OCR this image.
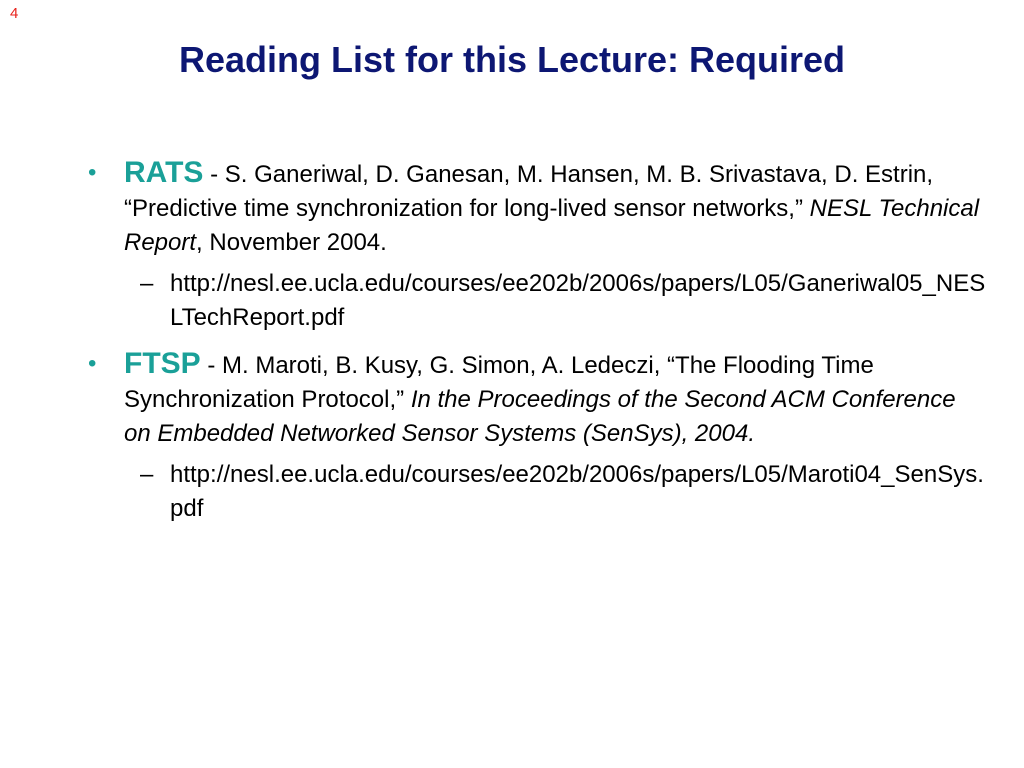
4
Reading List for this Lecture: Required
• RATS - S. Ganeriwal, D. Ganesan, M. Hansen, M. B. Srivastava, D. Estrin, “Predictive time synchronization for long-lived sensor networks,” NESL Technical Report, November 2004.
– http://nesl.ee.ucla.edu/courses/ee202b/2006s/papers/L05/Ganeriwal05_NESLTechReport.pdf
• FTSP - M. Maroti, B. Kusy, G. Simon, A. Ledeczi, “The Flooding Time Synchronization Protocol,” In the Proceedings of the Second ACM Conference on Embedded Networked Sensor Systems (SenSys), 2004.
– http://nesl.ee.ucla.edu/courses/ee202b/2006s/papers/L05/Maroti04_SenSys.pdf
